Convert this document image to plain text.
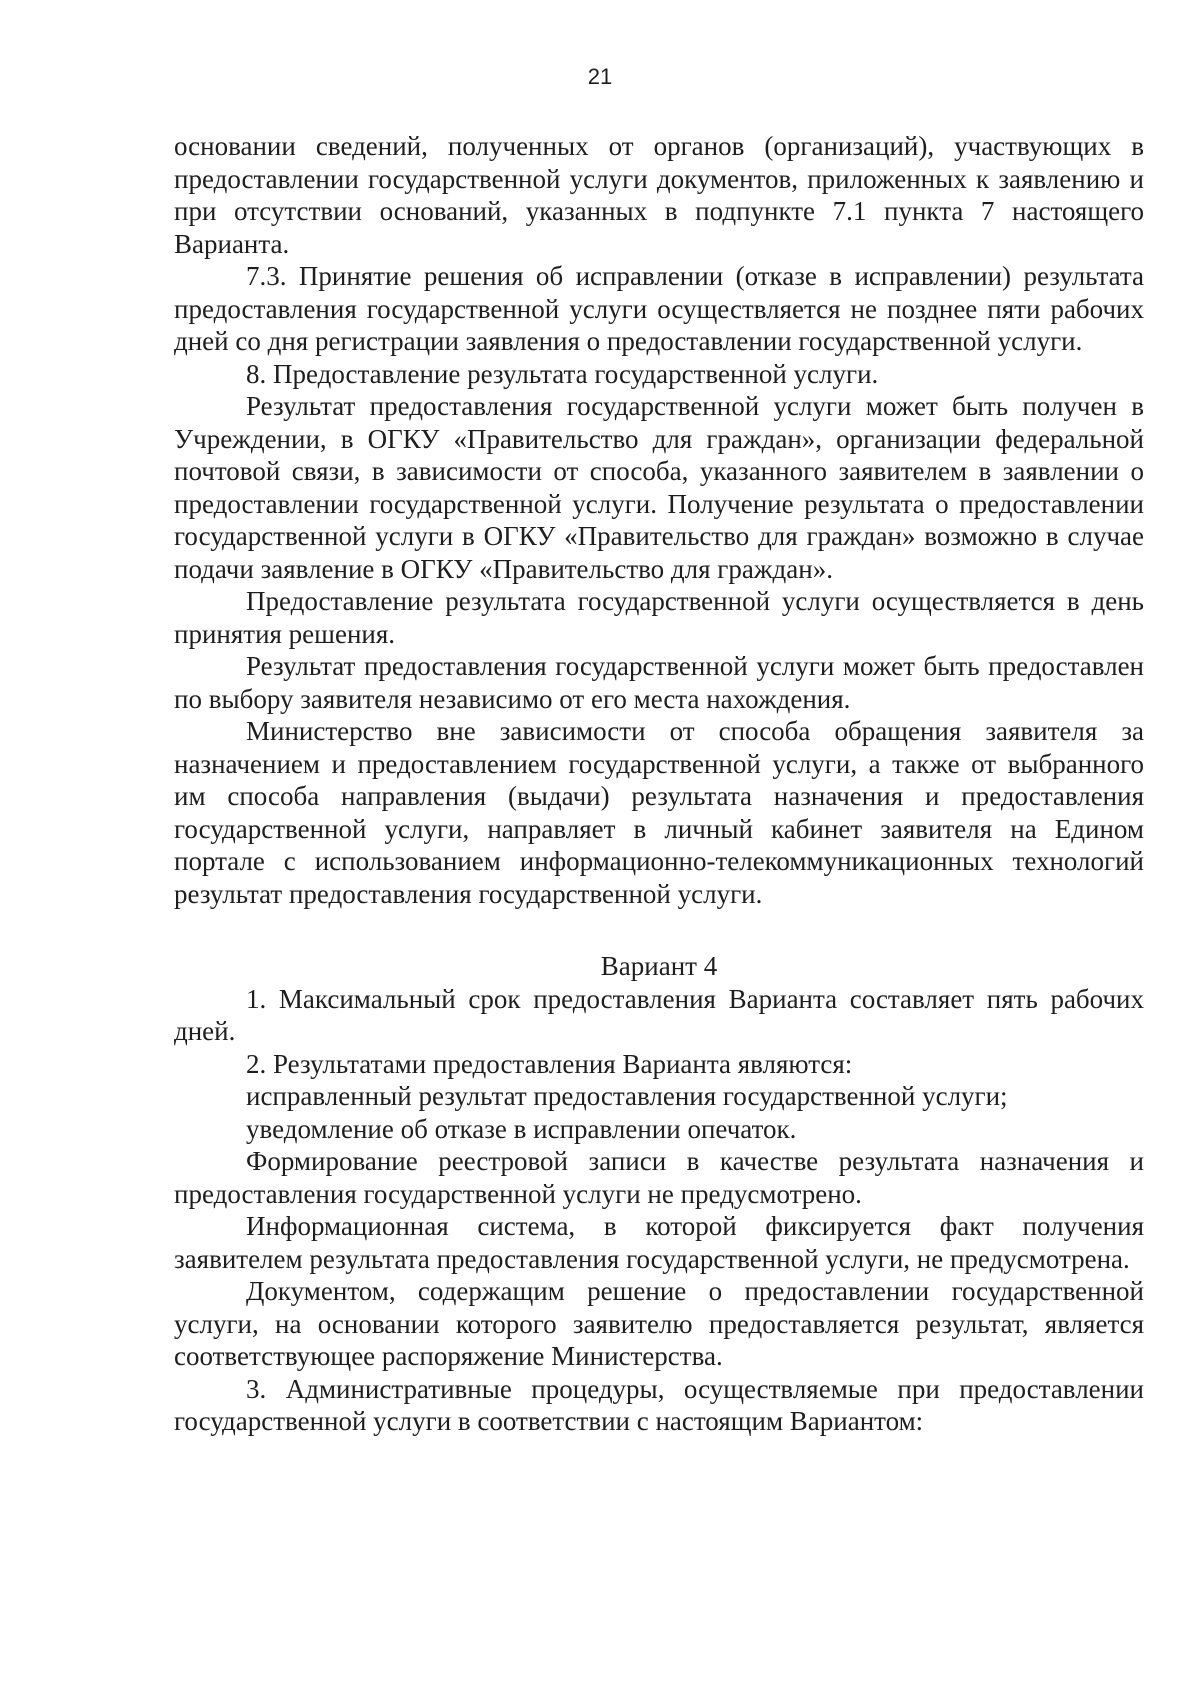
21

основании сведений, полученных от органов (организаций), участвующих в предоставлении государственной услуги документов, приложенных к заявлению и при отсутствии оснований, указанных в подпункте 7.1 пункта 7 настоящего Варианта.

7.3. Принятие решения об исправлении (отказе в исправлении) результата предоставления государственной услуги осуществляется не позднее пяти рабочих дней со дня регистрации заявления о предоставлении государственной услуги.

8. Предоставление результата государственной услуги.

Результат предоставления государственной услуги может быть получен в Учреждении, в ОГКУ «Правительство для граждан», организации федеральной почтовой связи, в зависимости от способа, указанного заявителем в заявлении о предоставлении государственной услуги. Получение результата о предоставлении государственной услуги в ОГКУ «Правительство для граждан» возможно в случае подачи заявление в ОГКУ «Правительство для граждан».

Предоставление результата государственной услуги осуществляется в день принятия решения.

Результат предоставления государственной услуги может быть предоставлен по выбору заявителя независимо от его места нахождения.

Министерство вне зависимости от способа обращения заявителя за назначением и предоставлением государственной услуги, а также от выбранного им способа направления (выдачи) результата назначения и предоставления государственной услуги, направляет в личный кабинет заявителя на Едином портале с использованием информационно-телекоммуникационных технологий результат предоставления государственной услуги.

Вариант 4

1. Максимальный срок предоставления Варианта составляет пять рабочих дней.

2. Результатами предоставления Варианта являются:

исправленный результат предоставления государственной услуги;

уведомление об отказе в исправлении опечаток.

Формирование реестровой записи в качестве результата назначения и предоставления государственной услуги не предусмотрено.

Информационная система, в которой фиксируется факт получения заявителем результата предоставления государственной услуги, не предусмотрена.

Документом, содержащим решение о предоставлении государственной услуги, на основании которого заявителю предоставляется результат, является соответствующее распоряжение Министерства.

3. Административные процедуры, осуществляемые при предоставлении государственной услуги в соответствии с настоящим Вариантом:
